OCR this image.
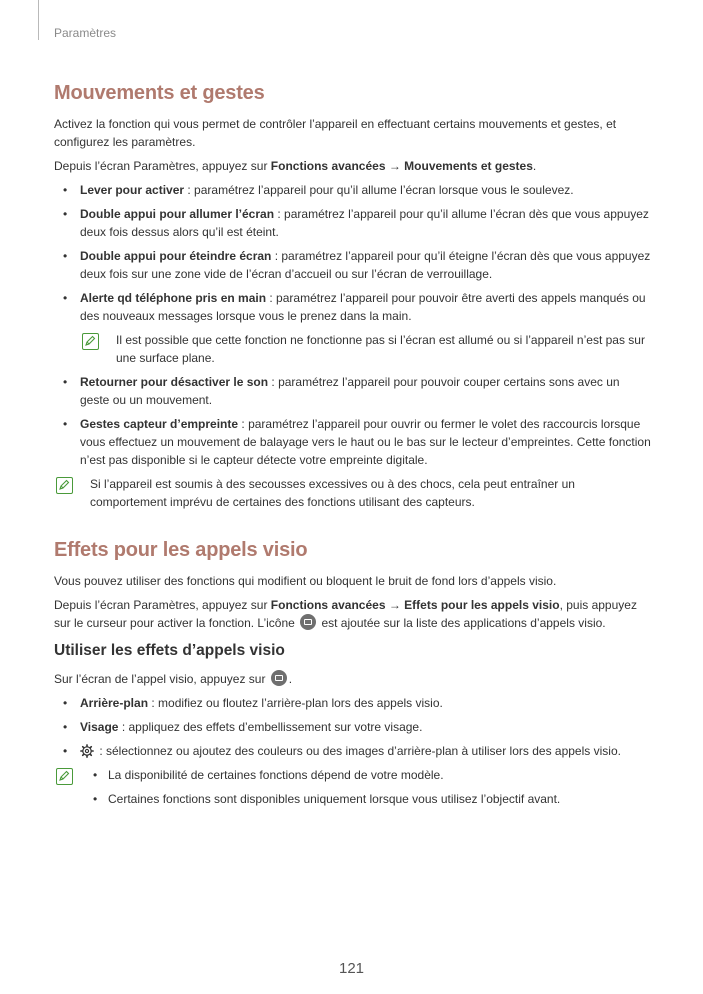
Paramètres
Mouvements et gestes

Activez la fonction qui vous permet de contrôler l’appareil en effectuant certains mouvements et gestes, et configurez les paramètres.

Depuis l’écran Paramètres, appuyez sur Fonctions avancées → Mouvements et gestes.

• Lever pour activer : paramétrez l’appareil pour qu’il allume l’écran lorsque vous le soulevez.
• Double appui pour allumer l’écran : paramétrez l’appareil pour qu’il allume l’écran dès que vous appuyez deux fois dessus alors qu’il est éteint.
• Double appui pour éteindre écran : paramétrez l’appareil pour qu’il éteigne l’écran dès que vous appuyez deux fois sur une zone vide de l’écran d’accueil ou sur l’écran de verrouillage.
• Alerte qd téléphone pris en main : paramétrez l’appareil pour pouvoir être averti des appels manqués ou des nouveaux messages lorsque vous le prenez dans la main.
Il est possible que cette fonction ne fonctionne pas si l’écran est allumé ou si l’appareil n’est pas sur une surface plane.
• Retourner pour désactiver le son : paramétrez l’appareil pour pouvoir couper certains sons avec un geste ou un mouvement.
• Gestes capteur d’empreinte : paramétrez l’appareil pour ouvrir ou fermer le volet des raccourcis lorsque vous effectuez un mouvement de balayage vers le haut ou le bas sur le lecteur d’empreintes. Cette fonction n’est pas disponible si le capteur détecte votre empreinte digitale.
Si l’appareil est soumis à des secousses excessives ou à des chocs, cela peut entraîner un comportement imprévu de certaines des fonctions utilisant des capteurs.
Effets pour les appels visio

Vous pouvez utiliser des fonctions qui modifient ou bloquent le bruit de fond lors d’appels visio.

Depuis l’écran Paramètres, appuyez sur Fonctions avancées → Effets pour les appels visio, puis appuyez sur le curseur pour activer la fonction. L’icône  est ajoutée sur la liste des applications d’appels visio.

Utiliser les effets d’appels visio

Sur l’écran de l’appel visio, appuyez sur .

• Arrière-plan : modifiez ou floutez l’arrière-plan lors des appels visio.
• Visage : appliquez des effets d’embellissement sur votre visage.
• : sélectionnez ou ajoutez des couleurs ou des images d’arrière-plan à utiliser lors des appels visio.
• La disponibilité de certaines fonctions dépend de votre modèle.
• Certaines fonctions sont disponibles uniquement lorsque vous utilisez l’objectif avant.
121
